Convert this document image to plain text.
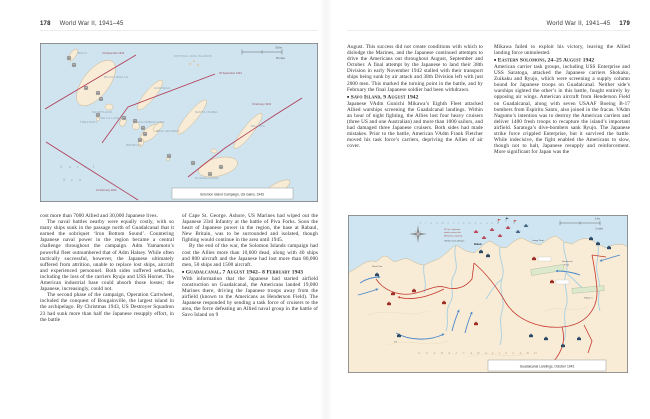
178 World War II, 1941–45
31 December 1943
30 September 1943
21 February 1943
9 February 1943
BUKA
BOUGAINVILLE
CHOISEUL
SHORTLAND
TREASURY
VELLA LAVELLA
KOLOMBANGARA
NEW GEORGIA
RENDOVA
SANTA ISABEL
MALAITA
GUADALCANAL
ONTONG JAVA ISLANDS
C o r a l
S e a
50 km
50 miles
Solomon Island Campaign, US Gains, 1943

cost more than 7000 Allied and 30,000 Japanese lives.

The naval battles nearby were equally costly, with so many ships sunk in the passage north of Guadalcanal that it earned the sobriquet ‘Iron Bottom Sound’. Countering Japanese naval power in the region became a central challenge throughout the campaign. Adm Yamamoto’s powerful fleet outnumbered that of Adm Halsey. While often tactically successful, however, the Japanese ultimately suffered from attrition, unable to replace lost ships, aircraft and experienced personnel. Both sides suffered setbacks, including the loss of the carriers Ryujo and USS Hornet. The American industrial base could absorb those losses; the Japanese, increasingly, could not.

The second phase of the campaign, Operation Cartwheel, included the conquest of Bougainville, the largest island in the archipelago. By Christmas 1943, US Destroyer Squadron 23 had sunk more than half the Japanese resupply effort, in the battle

of Cape St. George. Ashore, US Marines had wiped out the Japanese 23rd Infantry at the battle of Piva Forks. Soon the heart of Japanese power in the region, the base at Rabaul, New Britain, was to be surrounded and isolated, though fighting would continue in the area until 1945.

By the end of the war, the Solomon Islands campaign had cost the Allies more than 10,600 dead, along with 40 ships and 800 aircraft and the Japanese had lost more than 80,000 men, 50 ships and 1500 aircraft.

■ Guadalcanal, 7 August 1942– 8 February 1943

With information that the Japanese had started airfield construction on Guadalcanal, the Americans landed 19,000 Marines there, driving the Japanese troops away from the airfield (known to the Americans as Henderson Field). The Japanese responded by sending a task force of cruisers to the area, the force defeating an Allied naval group in the battle of Savo Island on 9

World War II, 1941–45 179

August. This success did not create conditions with which to dislodge the Marines, and the Japanese continued attempts to drive the Americans out throughout August, September and October. A final attempt by the Japanese to land their 38th Division in early November 1942 stalled with their transport ships being sunk by air attack and 38th Division left with just 2000 men. This marked the turning point in the battle, and by February the final Japanese soldier had been withdrawn.

■ Savo Island, 9 August 1942

Japanese VAdm Gunichi Mikawa’s Eighth Fleet attacked Allied warships screening the Guadalcanal landings. Within an hour of night fighting, the Allies lost four heavy cruisers (three US and one Australian) and more than 1000 sailors, and had damaged three Japanese cruisers. Both sides had made mistakes. Prior to the battle, American VAdm Frank Fletcher moved his task force’s carriers, depriving the Allies of air cover.

Mikawa failed to exploit his victory, leaving the Allied landing force unmolested.

■ Eastern Solomons, 24–25 August 1942

American carrier task groups, including USS Enterprise and USS Saratoga, attacked the Japanese carriers Shokaku, Zuikaku and Ryujo, which were screening a supply column bound for Japanese troops on Guadalcanal. Neither side’s warships sighted the other’s in this battle, fought entirely by opposing air wings. American aircraft from Henderson Field on Guadalcanal, along with seven USAAF Boeing B-17 bombers from Espiritu Santo, also joined in the fracas. VAdm Nagumo’s intention was to destroy the American carriers and deliver 1400 fresh troops to recapture the island’s important airfield. Saratoga’s dive-bombers sank Ryujo. The Japanese strike force crippled Enterprise, but it survived the battle. While indecisive, the fight enabled the Americans to slow, though not to halt, Japanese resupply and reinforcement. More significant for Japan was the

Henderson
Field
Fighter 1
1/7
Point Cruz
Kukum
Lunga Point
23 Oct: Japanese
attacks across the
Matanikau repulsed
US fleet units offshore
I r o n B o t t o m S o u n d
G U A D A L C A N A L I S L A N D
2 km
2 miles
Guadalcanal Landings, October 1942
